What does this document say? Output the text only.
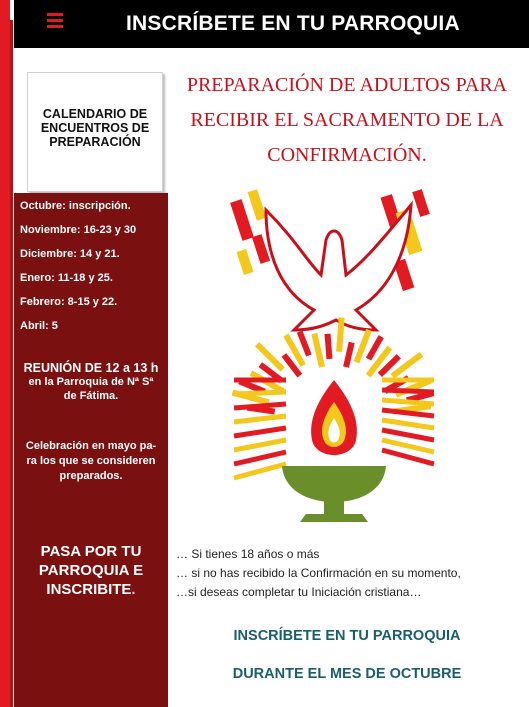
INSCRÍBETE EN TU PARROQUIA
CALENDARIO DE
ENCUENTROS DE
PREPARACIÓN
Octubre: inscripción.
Noviembre: 16-23 y 30
Diciembre: 14 y 21.
Enero: 11-18 y 25.
Febrero: 8-15 y 22.
Abril: 5
REUNIÓN DE 12 a 13 h
en la Parroquia de Nª Sª
de Fátima.
Celebración en mayo pa-
ra los que se consideren
preparados.
PASA POR TU
PARROQUIA E
INSCRIBITE.
PREPARACIÓN DE ADULTOS PARA
RECIBIR EL SACRAMENTO DE LA
CONFIRMACIÓN.
… Si tienes 18 años o más
… si no has recibido la Confirmación en su momento,
…si deseas completar tu Iniciación cristiana…
INSCRÍBETE EN TU PARROQUIA
DURANTE EL MES DE OCTUBRE
